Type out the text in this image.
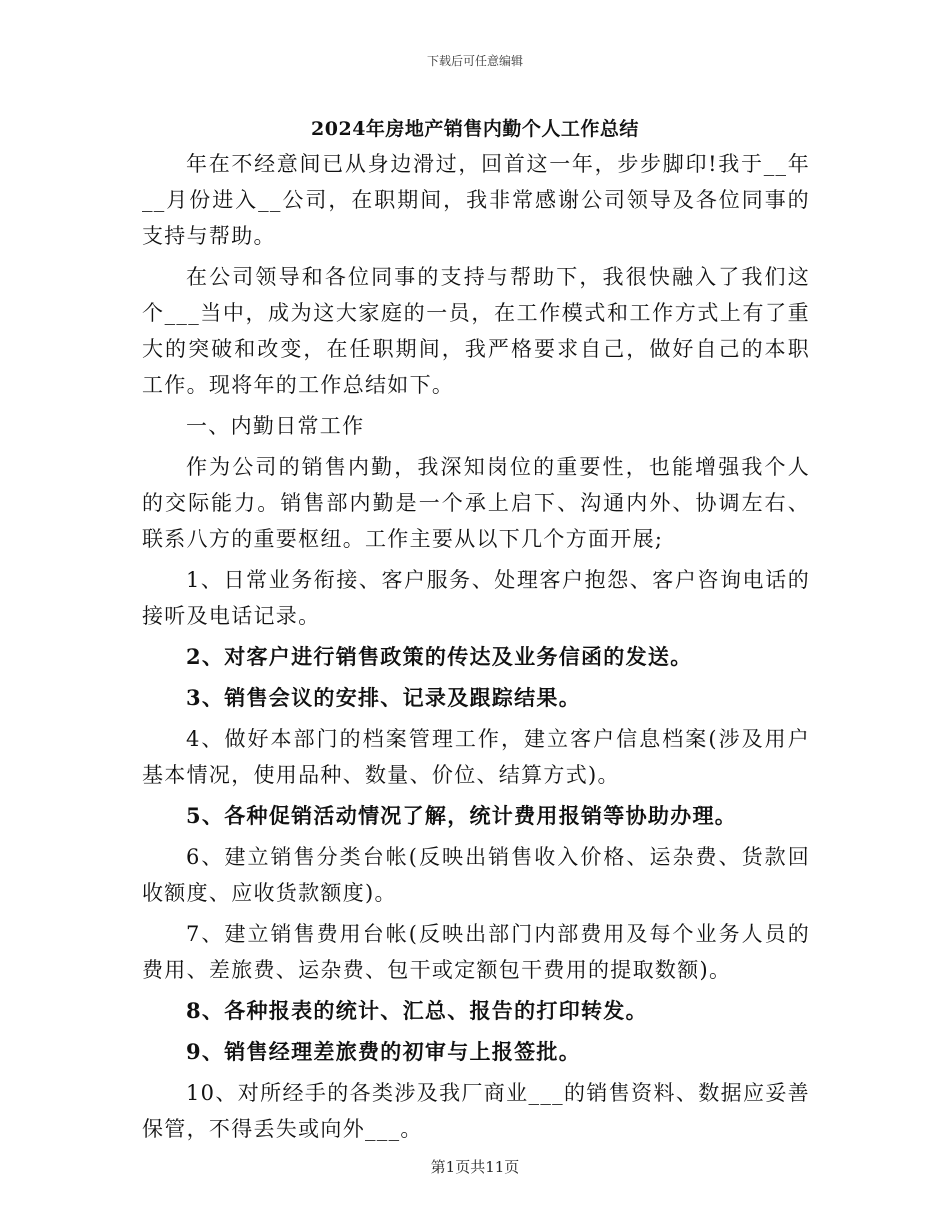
下载后可任意编辑
2024年房地产销售内勤个人工作总结

年在不经意间已从身边滑过，回首这一年，步步脚印!我于__年__月份进入__公司，在职期间，我非常感谢公司领导及各位同事的支持与帮助。

在公司领导和各位同事的支持与帮助下，我很快融入了我们这个___当中，成为这大家庭的一员，在工作模式和工作方式上有了重大的突破和改变，在任职期间，我严格要求自己，做好自己的本职工作。现将年的工作总结如下。

一、内勤日常工作

作为公司的销售内勤，我深知岗位的重要性，也能增强我个人的交际能力。销售部内勤是一个承上启下、沟通内外、协调左右、联系八方的重要枢纽。工作主要从以下几个方面开展;

1、日常业务衔接、客户服务、处理客户抱怨、客户咨询电话的接听及电话记录。

2、对客户进行销售政策的传达及业务信函的发送。

3、销售会议的安排、记录及跟踪结果。

4、做好本部门的档案管理工作，建立客户信息档案(涉及用户基本情况，使用品种、数量、价位、结算方式)。

5、各种促销活动情况了解，统计费用报销等协助办理。

6、建立销售分类台帐(反映出销售收入价格、运杂费、货款回收额度、应收货款额度)。

7、建立销售费用台帐(反映出部门内部费用及每个业务人员的费用、差旅费、运杂费、包干或定额包干费用的提取数额)。

8、各种报表的统计、汇总、报告的打印转发。

9、销售经理差旅费的初审与上报签批。

10、对所经手的各类涉及我厂商业___的销售资料、数据应妥善保管，不得丢失或向外___。

第1页共11页
